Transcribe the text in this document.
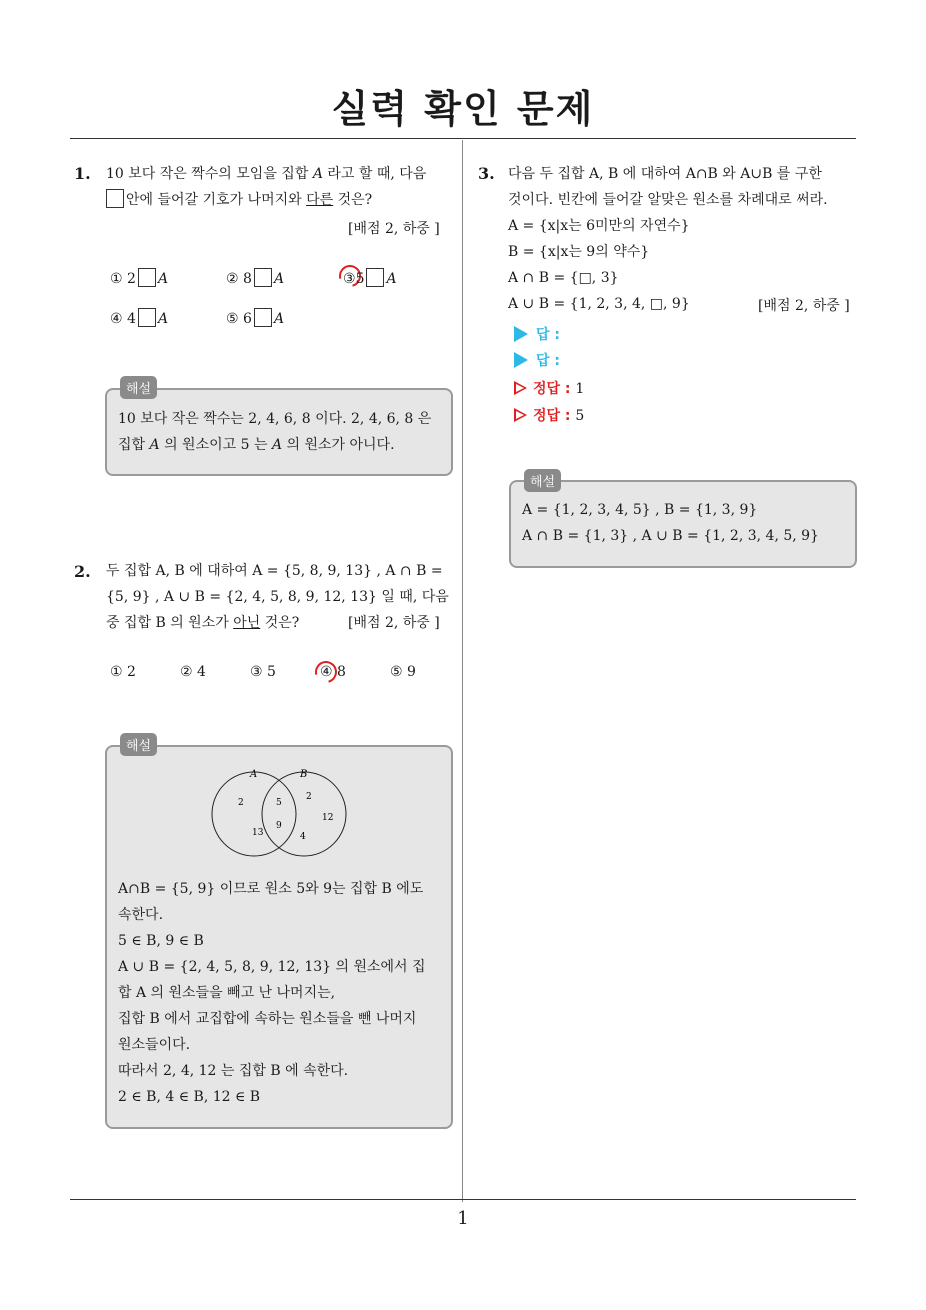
실력 확인 문제
1
1. 10 보다 작은 짝수의 모임을 집합 A 라고 할 때, 다음
안에 들어갈 기호가 나머지와 다른 것은?
[배점 2, 하중 ]
① 2 A	② 8 A	③5 A
④ 4 A	⑤ 6 A
해설
10 보다 작은 짝수는 2, 4, 6, 8 이다. 2, 4, 6, 8 은
집합 A 의 원소이고 5 는 A 의 원소가 아니다.
2. 두 집합 A, B 에 대하여 A = {5, 8, 9, 13} , A ∩ B =
{5, 9} , A ∪ B = {2, 4, 5, 8, 9, 12, 13} 일 때, 다음
중 집합 B 의 원소가 아닌 것은?	[배점 2, 하중 ]
① 2	② 4	③ 5	④ 8	⑤ 9
해설
A	B
2
13
5
9
2
12
4
A∩B = {5, 9} 이므로 원소 5와 9는 집합 B 에도
속한다.
5 ∈ B, 9 ∈ B
A ∪ B = {2, 4, 5, 8, 9, 12, 13} 의 원소에서 집
합 A 의 원소들을 빼고 난 나머지는,
집합 B 에서 교집합에 속하는 원소들을 뺀 나머지
원소들이다.
따라서 2, 4, 12 는 집합 B 에 속한다.
2 ∈ B, 4 ∈ B, 12 ∈ B
3. 다음 두 집합 A, B 에 대하여 A∩B 와 A∪B 를 구한
것이다. 빈칸에 들어갈 알맞은 원소를 차례대로 써라.
A = {x|x는 6미만의 자연수}
B = {x|x는 9의 약수}
A ∩ B = {□, 3}
A ∪ B = {1, 2, 3, 4, □, 9}	[배점 2, 하중 ]
답 :
답 :
정답 : 1
정답 : 5
해설
A = {1, 2, 3, 4, 5} , B = {1, 3, 9}
A ∩ B = {1, 3} , A ∪ B = {1, 2, 3, 4, 5, 9}
